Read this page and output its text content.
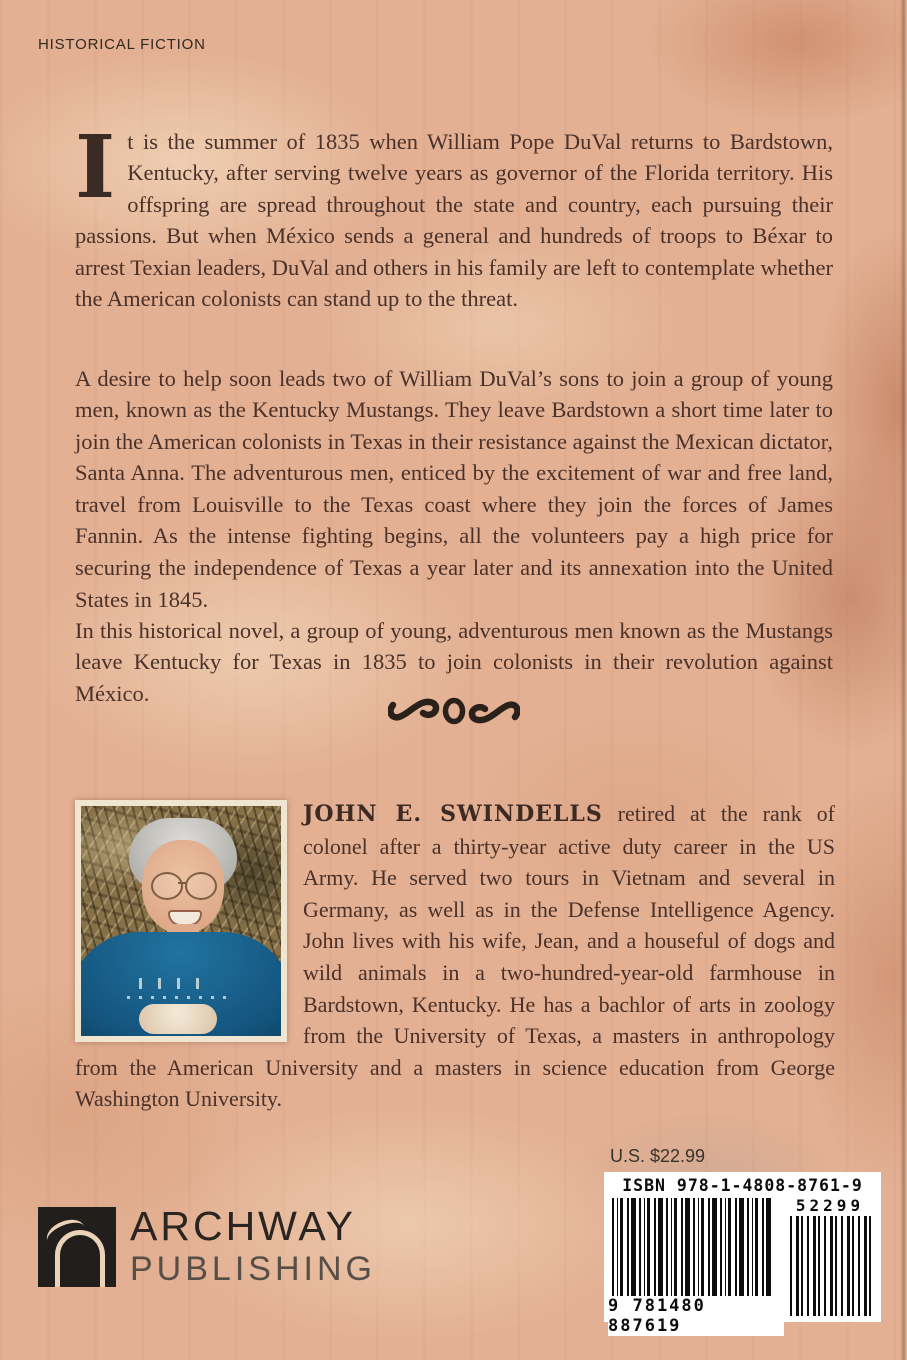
HISTORICAL FICTION

It is the summer of 1835 when William Pope DuVal returns to Bardstown, Kentucky, after serving twelve years as governor of the Florida territory. His offspring are spread throughout the state and country, each pursuing their passions. But when México sends a general and hundreds of troops to Béxar to arrest Texian leaders, DuVal and others in his family are left to contemplate whether the American colonists can stand up to the threat.

A desire to help soon leads two of William DuVal’s sons to join a group of young men, known as the Kentucky Mustangs. They leave Bardstown a short time later to join the American colonists in Texas in their resistance against the Mexican dictator, Santa Anna. The adventurous men, enticed by the excitement of war and free land, travel from Louisville to the Texas coast where they join the forces of James Fannin. As the intense fighting begins, all the volunteers pay a high price for securing the independence of Texas a year later and its annexation into the United States in 1845.

In this historical novel, a group of young, adventurous men known as the Mustangs leave Kentucky for Texas in 1835 to join colonists in their revolution against México.

JOHN E. SWINDELLS retired at the rank of colonel after a thirty-year active duty career in the US Army. He served two tours in Vietnam and several in Germany, as well as in the Defense Intelligence Agency. John lives with his wife, Jean, and a houseful of dogs and wild animals in a two-hundred-year-old farmhouse in Bardstown, Kentucky. He has a bachlor of arts in zoology from the University of Texas, a masters in anthropology from the American University and a masters in science education from George Washington University.

ARCHWAY
PUBLISHING
U.S. $22.99
ISBN 978-1-4808-8761-9
9 781480 887619
52299
